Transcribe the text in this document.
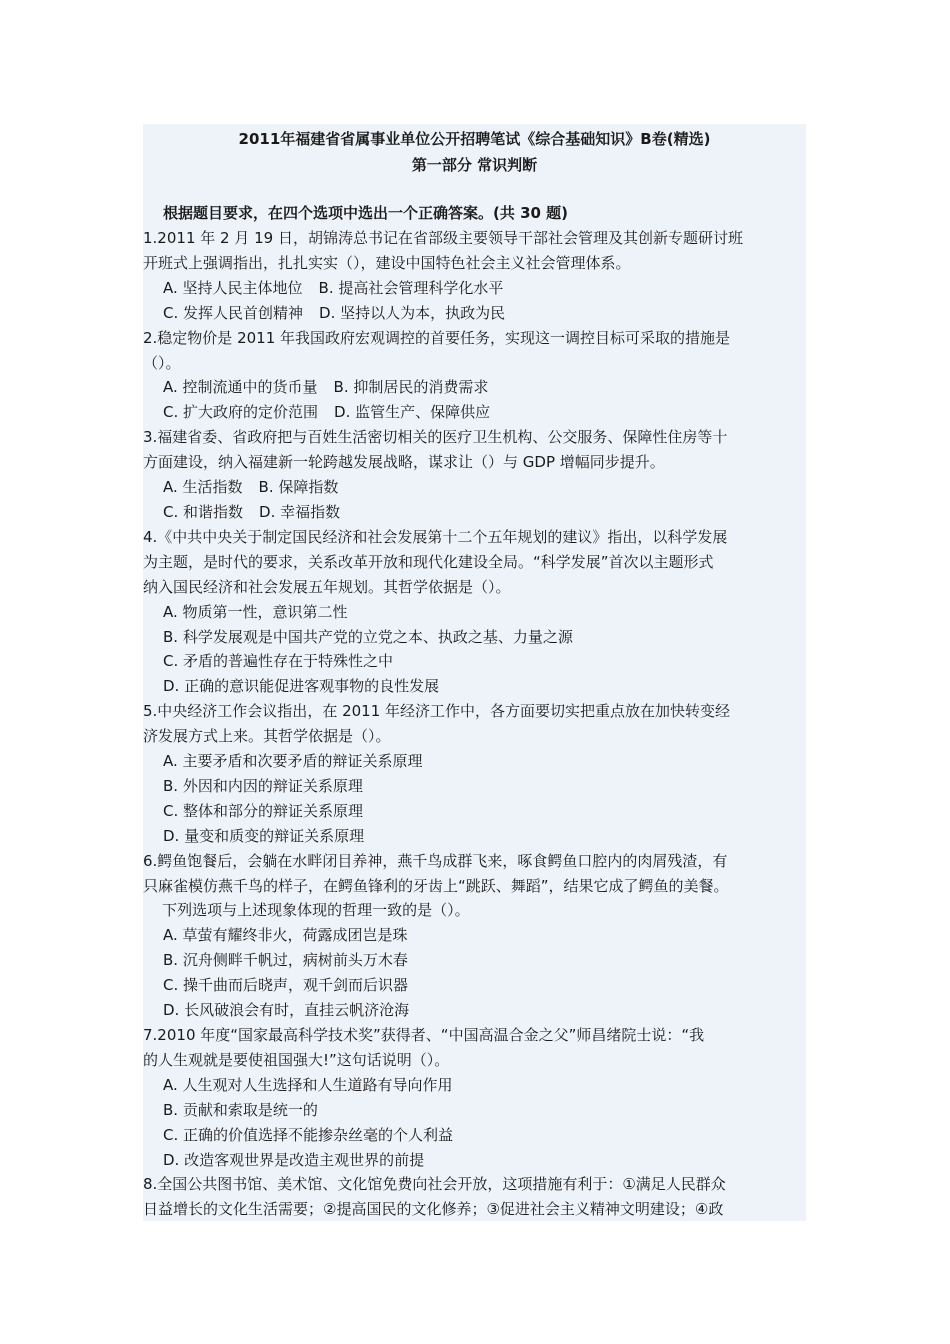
2011年福建省省属事业单位公开招聘笔试《综合基础知识》B卷(精选)
第一部分 常识判断
根据题目要求，在四个选项中选出一个正确答案。(共 30 题)
1.2011 年 2 月 19 日，胡锦涛总书记在省部级主要领导干部社会管理及其创新专题研讨班
开班式上强调指出，扎扎实实（），建设中国特色社会主义社会管理体系。
A. 坚持人民主体地位 B. 提高社会管理科学化水平
C. 发挥人民首创精神 D. 坚持以人为本，执政为民
2.稳定物价是 2011 年我国政府宏观调控的首要任务，实现这一调控目标可采取的措施是
（）。
A. 控制流通中的货币量 B. 抑制居民的消费需求
C. 扩大政府的定价范围 D. 监管生产、保障供应
3.福建省委、省政府把与百姓生活密切相关的医疗卫生机构、公交服务、保障性住房等十
方面建设，纳入福建新一轮跨越发展战略，谋求让（）与 GDP 增幅同步提升。
A. 生活指数 B. 保障指数
C. 和谐指数 D. 幸福指数
4.《中共中央关于制定国民经济和社会发展第十二个五年规划的建议》指出，以科学发展
为主题，是时代的要求，关系改革开放和现代化建设全局。“科学发展”首次以主题形式
纳入国民经济和社会发展五年规划。其哲学依据是（）。
A. 物质第一性，意识第二性
B. 科学发展观是中国共产党的立党之本、执政之基、力量之源
C. 矛盾的普遍性存在于特殊性之中
D. 正确的意识能促进客观事物的良性发展
5.中央经济工作会议指出，在 2011 年经济工作中，各方面要切实把重点放在加快转变经
济发展方式上来。其哲学依据是（）。
A. 主要矛盾和次要矛盾的辩证关系原理
B. 外因和内因的辩证关系原理
C. 整体和部分的辩证关系原理
D. 量变和质变的辩证关系原理
6.鳄鱼饱餐后，会躺在水畔闭目养神，燕千鸟成群飞来，啄食鳄鱼口腔内的肉屑残渣，有
只麻雀模仿燕千鸟的样子，在鳄鱼锋利的牙齿上“跳跃、舞蹈”，结果它成了鳄鱼的美餐。
下列选项与上述现象体现的哲理一致的是（）。
A. 草萤有耀终非火，荷露成团岂是珠
B. 沉舟侧畔千帆过，病树前头万木春
C. 操千曲而后晓声，观千剑而后识器
D. 长风破浪会有时，直挂云帆济沧海
7.2010 年度“国家最高科学技术奖”获得者、“中国高温合金之父”师昌绪院士说：“我
的人生观就是要使祖国强大!”这句话说明（）。
A. 人生观对人生选择和人生道路有导向作用
B. 贡献和索取是统一的
C. 正确的价值选择不能掺杂丝毫的个人利益
D. 改造客观世界是改造主观世界的前提
8.全国公共图书馆、美术馆、文化馆免费向社会开放，这项措施有利于：①满足人民群众
日益增长的文化生活需要；②提高国民的文化修养；③促进社会主义精神文明建设；④政
